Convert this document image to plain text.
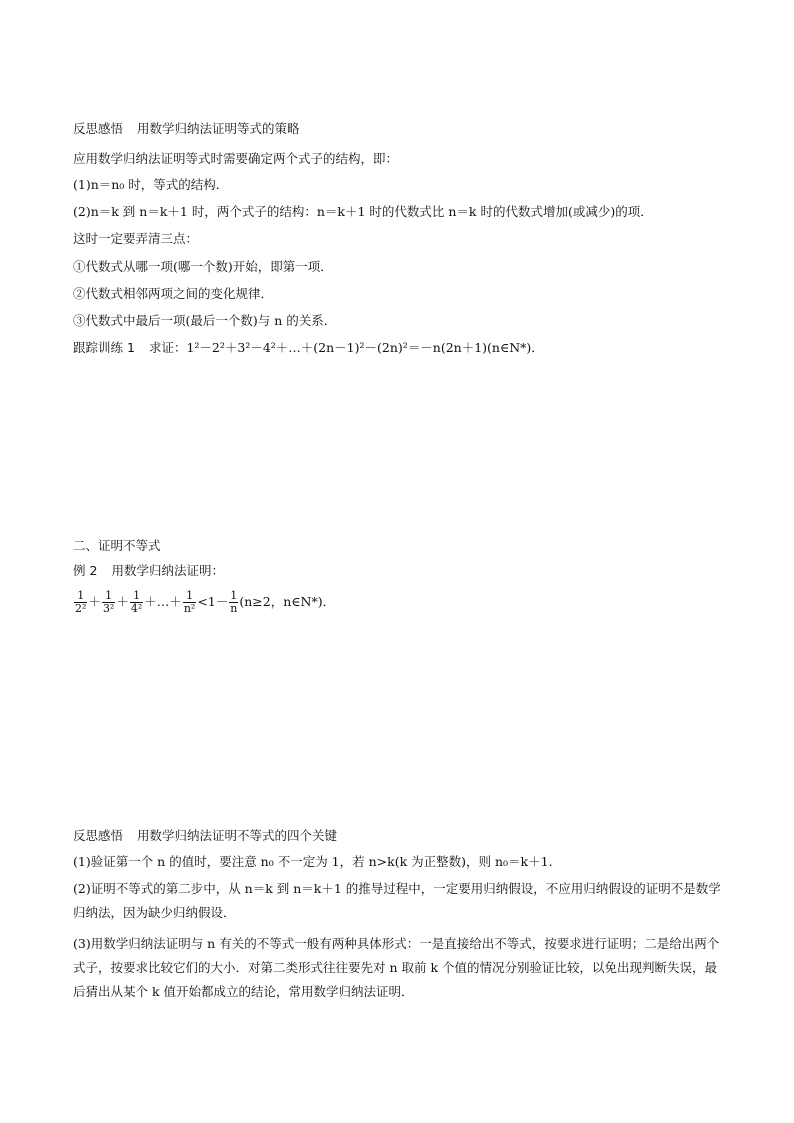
反思感悟 用数学归纳法证明等式的策略
应用数学归纳法证明等式时需要确定两个式子的结构，即：
(1)n＝n₀ 时，等式的结构．
(2)n＝k 到 n＝k＋1 时，两个式子的结构：n＝k＋1 时的代数式比 n＝k 时的代数式增加(或减少)的项．
这时一定要弄清三点：
①代数式从哪一项(哪一个数)开始，即第一项．
②代数式相邻两项之间的变化规律．
③代数式中最后一项(最后一个数)与 n 的关系．
跟踪训练 1 求证：1²－2²＋3²－4²＋…＋(2n－1)²－(2n)²＝－n(2n＋1)(n∈N*)．
二、证明不等式
例 2 用数学归纳法证明：
$\frac{1}{\text{2²}} + \frac{1}{\text{3²}} + \frac{1}{\text{4²}}$ ＋…＋ $\frac{1}{\text{n²}} <1- \frac{1}{n} (n\ge 2$，n∈N*)．
反思感悟 用数学归纳法证明不等式的四个关键
(1)验证第一个 n 的值时，要注意 n₀ 不一定为 1，若 n>k(k 为正整数)，则 n₀＝k＋1.
(2)证明不等式的第二步中，从 n＝k 到 n＝k＋1 的推导过程中，一定要用归纳假设，不应用归纳假设的证明不是数学归纳法，因为缺少归纳假设．
(3)用数学归纳法证明与 n 有关的不等式一般有两种具体形式：一是直接给出不等式，按要求进行证明；二是给出两个式子，按要求比较它们的大小．对第二类形式往往要先对 n 取前 k 个值的情况分别验证比较，以免出现判断失误，最后猜出从某个 k 值开始都成立的结论，常用数学归纳法证明．
